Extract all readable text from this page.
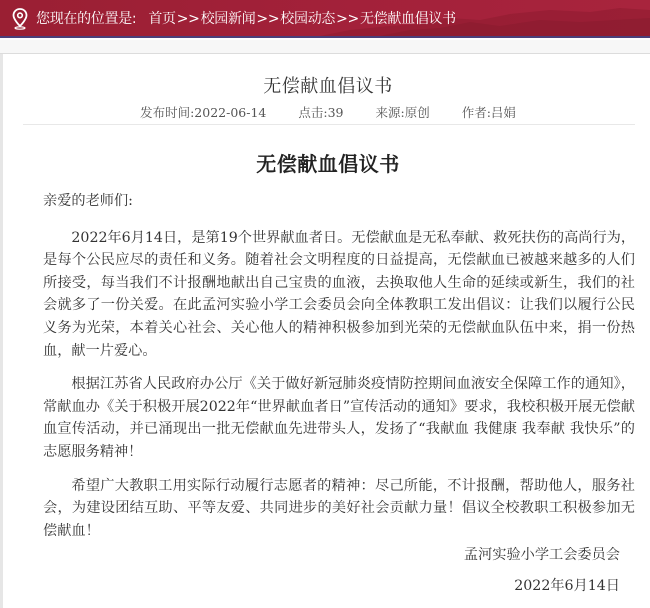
您现在的位置是: 首页>>校园新闻>>校园动态>>无偿献血倡议书
无偿献血倡议书
发布时间:2022-06-14	点击:39	来源:原创	作者:吕娟
无偿献血倡议书

亲爱的老师们:

2022年6月14日，是第19个世界献血者日。无偿献血是无私奉献、救死扶伤的高尚行为，是每个公民应尽的责任和义务。随着社会文明程度的日益提高，无偿献血已被越来越多的人们所接受，每当我们不计报酬地献出自己宝贵的血液，去换取他人生命的延续或新生，我们的社会就多了一份关爱。在此孟河实验小学工会委员会向全体教职工发出倡议：让我们以履行公民义务为光荣，本着关心社会、关心他人的精神积极参加到光荣的无偿献血队伍中来，捐一份热血，献一片爱心。

根据江苏省人民政府办公厅《关于做好新冠肺炎疫情防控期间血液安全保障工作的通知》，常献血办《关于积极开展2022年“世界献血者日”宣传活动的通知》要求，我校积极开展无偿献血宣传活动，并已涌现出一批无偿献血先进带头人，发扬了“我献血 我健康 我奉献 我快乐”的志愿服务精神！

希望广大教职工用实际行动履行志愿者的精神：尽己所能，不计报酬，帮助他人，服务社会，为建设团结互助、平等友爱、共同进步的美好社会贡献力量！倡议全校教职工积极参加无偿献血！

孟河实验小学工会委员会
2022年6月14日
